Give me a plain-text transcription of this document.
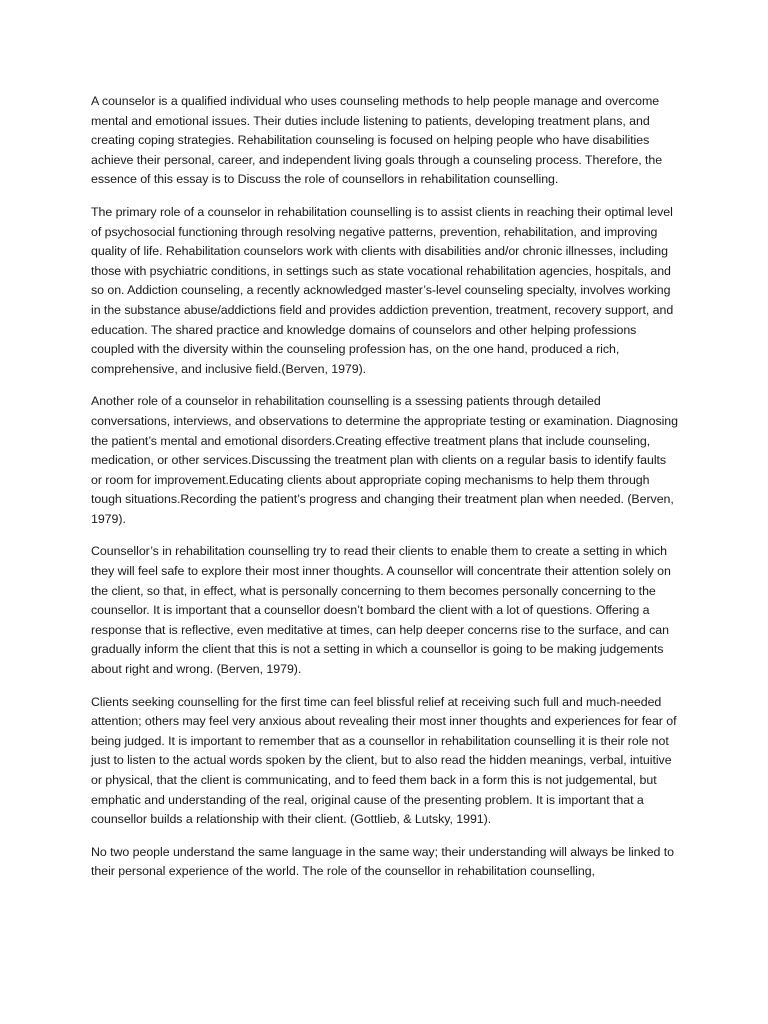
A counselor is a qualified individual who uses counseling methods to help people manage and overcome mental and emotional issues. Their duties include listening to patients, developing treatment plans, and creating coping strategies. Rehabilitation counseling is focused on helping people who have disabilities achieve their personal, career, and independent living goals through a counseling process. Therefore, the essence of this essay is to Discuss the role of counsellors in rehabilitation counselling.

The primary role of a counselor in rehabilitation counselling is to assist clients in reaching their optimal level of psychosocial functioning through resolving negative patterns, prevention, rehabilitation, and improving quality of life. Rehabilitation counselors work with clients with disabilities and/or chronic illnesses, including those with psychiatric conditions, in settings such as state vocational rehabilitation agencies, hospitals, and so on. Addiction counseling, a recently acknowledged master’s-level counseling specialty, involves working in the substance abuse/addictions field and provides addiction prevention, treatment, recovery support, and education. The shared practice and knowledge domains of counselors and other helping professions coupled with the diversity within the counseling profession has, on the one hand, produced a rich, comprehensive, and inclusive field.(Berven, 1979).

Another role of a counselor in rehabilitation counselling is a ssessing patients through detailed conversations, interviews, and observations to determine the appropriate testing or examination. Diagnosing the patient’s mental and emotional disorders.Creating effective treatment plans that include counseling, medication, or other services.Discussing the treatment plan with clients on a regular basis to identify faults or room for improvement.Educating clients about appropriate coping mechanisms to help them through tough situations.Recording the patient’s progress and changing their treatment plan when needed. (Berven, 1979).

Counsellor’s in rehabilitation counselling try to read their clients to enable them to create a setting in which they will feel safe to explore their most inner thoughts. A counsellor will concentrate their attention solely on the client, so that, in effect, what is personally concerning to them becomes personally concerning to the counsellor. It is important that a counsellor doesn’t bombard the client with a lot of questions. Offering a response that is reflective, even meditative at times, can help deeper concerns rise to the surface, and can gradually inform the client that this is not a setting in which a counsellor is going to be making judgements about right and wrong. (Berven, 1979).

Clients seeking counselling for the first time can feel blissful relief at receiving such full and much-needed attention; others may feel very anxious about revealing their most inner thoughts and experiences for fear of being judged. It is important to remember that as a counsellor in rehabilitation counselling it is their role not just to listen to the actual words spoken by the client, but to also read the hidden meanings, verbal, intuitive or physical, that the client is communicating, and to feed them back in a form this is not judgemental, but emphatic and understanding of the real, original cause of the presenting problem. It is important that a counsellor builds a relationship with their client. (Gottlieb, & Lutsky, 1991).

No two people understand the same language in the same way; their understanding will always be linked to their personal experience of the world. The role of the counsellor in rehabilitation counselling,
